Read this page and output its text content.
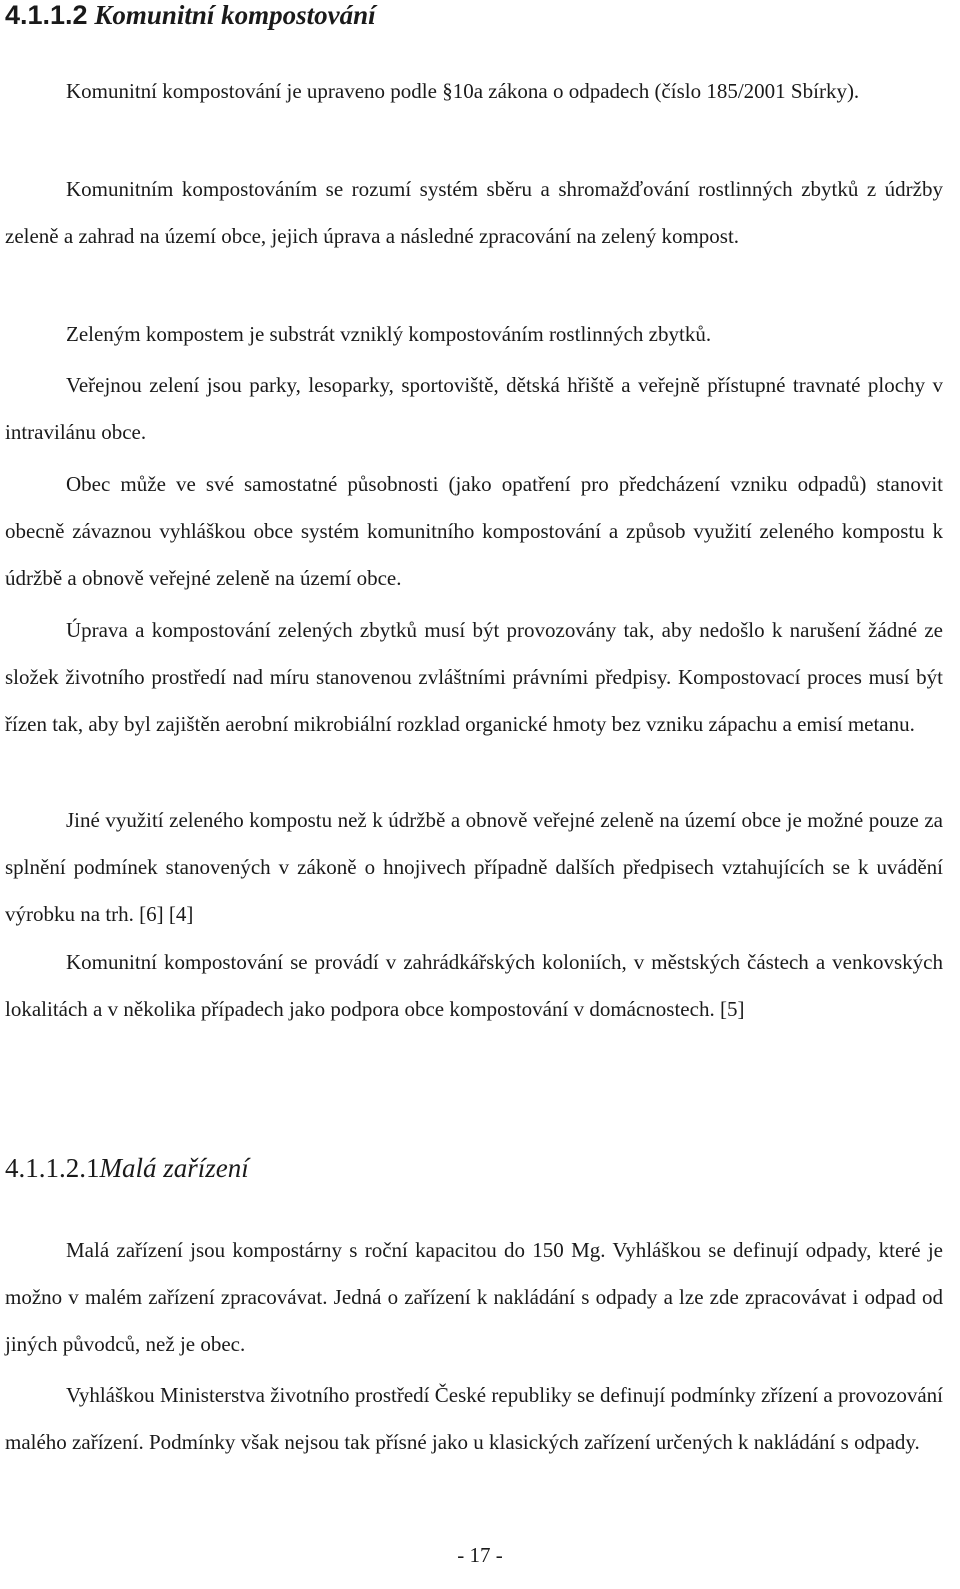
4.1.1.2 Komunitní kompostování

Komunitní kompostování je upraveno podle §10a zákona o odpadech (číslo 185/2001 Sbírky).

Komunitním kompostováním se rozumí systém sběru a shromažďování rostlinných zbytků z údržby zeleně a zahrad na území obce, jejich úprava a následné zpracování na zelený kompost.

Zeleným kompostem je substrát vzniklý kompostováním rostlinných zbytků.

Veřejnou zelení jsou parky, lesoparky, sportoviště, dětská hřiště a veřejně přístupné travnaté plochy v intravilánu obce.

Obec může ve své samostatné působnosti (jako opatření pro předcházení vzniku odpadů) stanovit obecně závaznou vyhláškou obce systém komunitního kompostování a způsob využití zeleného kompostu k údržbě a obnově veřejné zeleně na území obce.

Úprava a kompostování zelených zbytků musí být provozovány tak, aby nedošlo k narušení žádné ze složek životního prostředí nad míru stanovenou zvláštními právními předpisy. Kompostovací proces musí být řízen tak, aby byl zajištěn aerobní mikrobiální rozklad organické hmoty bez vzniku zápachu a emisí metanu.

Jiné využití zeleného kompostu než k údržbě a obnově veřejné zeleně na území obce je možné pouze za splnění podmínek stanovených v zákoně o hnojivech případně dalších předpisech vztahujících se k uvádění výrobku na trh. [6] [4]

Komunitní kompostování se provádí v zahrádkářských koloniích, v městských částech a venkovských lokalitách a v několika případech jako podpora obce kompostování v domácnostech. [5]

4.1.1.2.1Malá zařízení

Malá zařízení jsou kompostárny s roční kapacitou do 150 Mg. Vyhláškou se definují odpady, které je možno v malém zařízení zpracovávat. Jedná o zařízení k nakládání s odpady a lze zde zpracovávat i odpad od jiných původců, než je obec.

Vyhláškou Ministerstva životního prostředí České republiky se definují podmínky zřízení a provozování malého zařízení. Podmínky však nejsou tak přísné jako u klasických zařízení určených k nakládání s odpady.

- 17 -
